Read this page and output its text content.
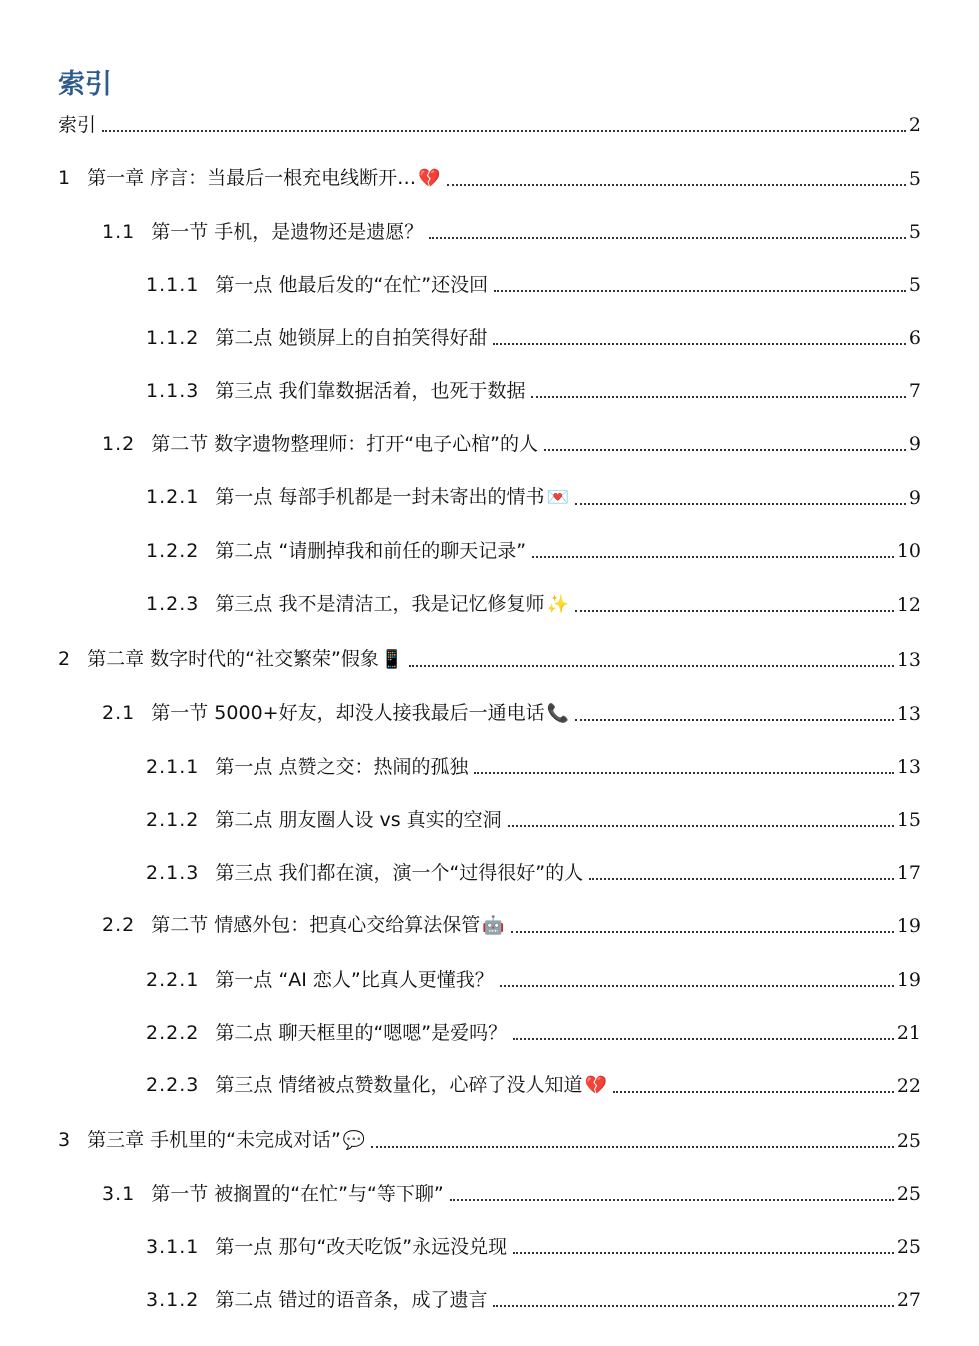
索引
索引	2
1 第一章 序言：当最后一根充电线断开… 💔	5
1.1 第一节 手机，是遗物还是遗愿？	5
1.1.1 第一点 他最后发的“在忙”还没回	5
1.1.2 第二点 她锁屏上的自拍笑得好甜	6
1.1.3 第三点 我们靠数据活着，也死于数据	7
1.2 第二节 数字遗物整理师：打开“电子心棺”的人	9
1.2.1 第一点 每部手机都是一封未寄出的情书 💌	9
1.2.2 第二点 “请删掉我和前任的聊天记录”	10
1.2.3 第三点 我不是清洁工，我是记忆修复师 ✨	12
2 第二章 数字时代的“社交繁荣”假象 📱	13
2.1 第一节 5000+好友，却没人接我最后一通电话 📞	13
2.1.1 第一点 点赞之交：热闹的孤独	13
2.1.2 第二点 朋友圈人设 vs 真实的空洞	15
2.1.3 第三点 我们都在演，演一个“过得很好”的人	17
2.2 第二节 情感外包：把真心交给算法保管 🤖	19
2.2.1 第一点 “AI 恋人”比真人更懂我？	19
2.2.2 第二点 聊天框里的“嗯嗯”是爱吗？	21
2.2.3 第三点 情绪被点赞数量化，心碎了没人知道 💔	22
3 第三章 手机里的“未完成对话” 💬	25
3.1 第一节 被搁置的“在忙”与“等下聊”	25
3.1.1 第一点 那句“改天吃饭”永远没兑现	25
3.1.2 第二点 错过的语音条，成了遗言	27
